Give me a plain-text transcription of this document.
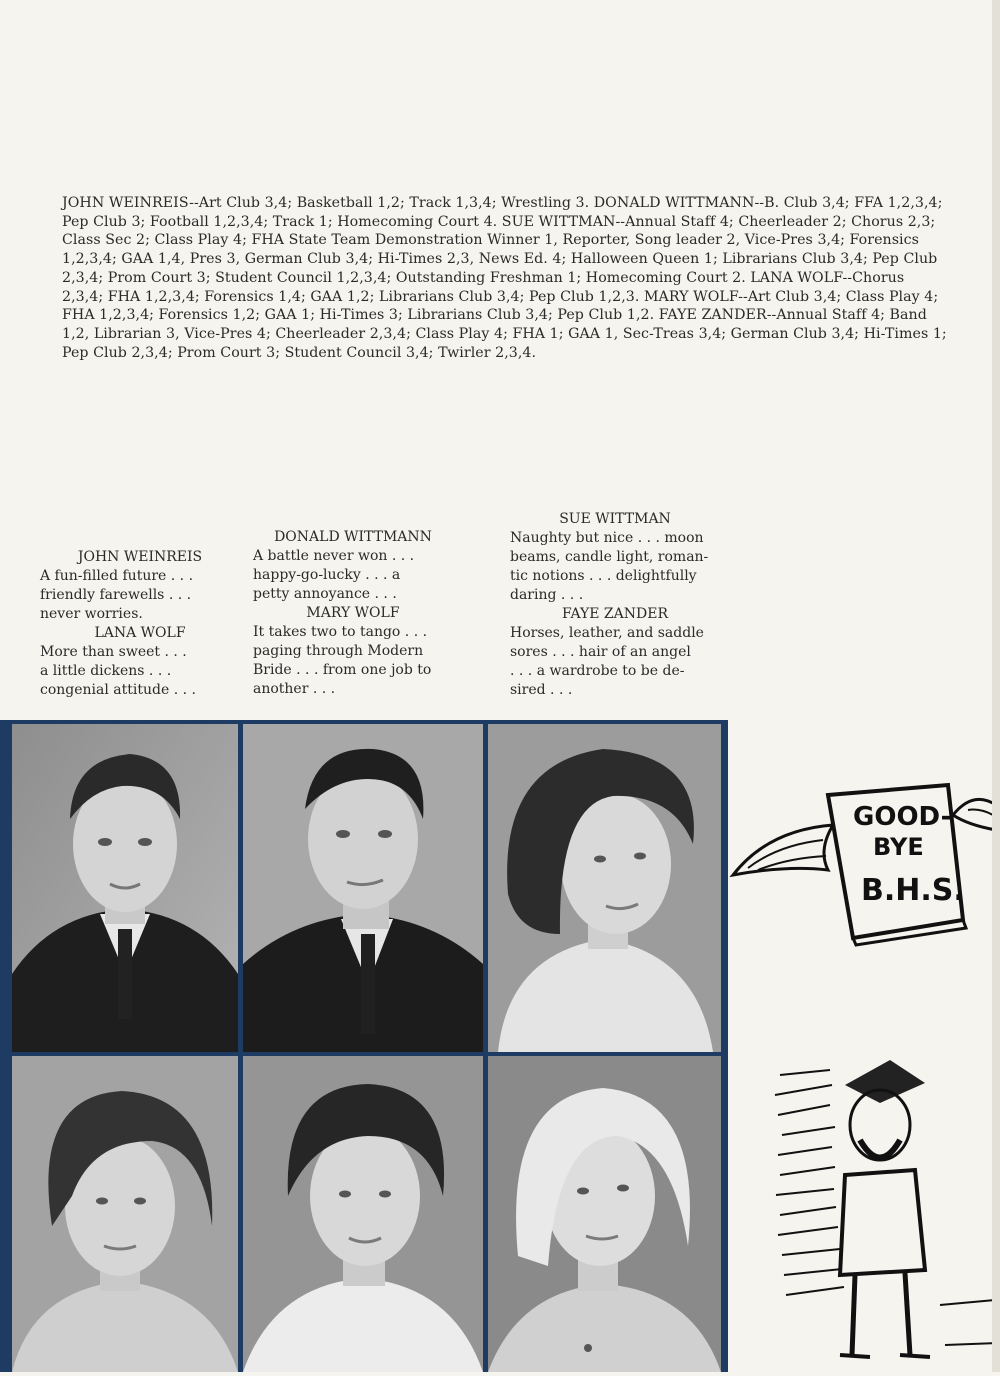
JOHN WEINREIS--Art Club 3,4; Basketball 1,2; Track 1,3,4; Wrestling 3. DONALD WITTMANN--B. Club 3,4; FFA 1,2,3,4; Pep Club 3; Football 1,2,3,4; Track 1; Homecoming Court 4. SUE WITTMAN--Annual Staff 4; Cheerleader 2; Chorus 2,3; Class Sec 2; Class Play 4; FHA State Team Demonstration Winner 1, Reporter, Song leader 2, Vice-Pres 3,4; Forensics 1,2,3,4; GAA 1,4, Pres 3, German Club 3,4; Hi-Times 2,3, News Ed. 4; Halloween Queen 1; Librarians Club 3,4; Pep Club 2,3,4; Prom Court 3; Student Council 1,2,3,4; Outstanding Freshman 1; Homecoming Court 2. LANA WOLF--Chorus 2,3,4; FHA 1,2,3,4; Forensics 1,4; GAA 1,2; Librarians Club 3,4; Pep Club 1,2,3. MARY WOLF--Art Club 3,4; Class Play 4; FHA 1,2,3,4; Forensics 1,2; GAA 1; Hi-Times 3; Librarians Club 3,4; Pep Club 1,2. FAYE ZANDER--Annual Staff 4; Band 1,2, Librarian 3, Vice-Pres 4; Cheerleader 2,3,4; Class Play 4; FHA 1; GAA 1, Sec-Treas 3,4; German Club 3,4; Hi-Times 1; Pep Club 2,3,4; Prom Court 3; Student Council 3,4; Twirler 2,3,4.

JOHN WEINREIS
A fun-filled future . . .
friendly farewells . . .
never worries.
LANA WOLF
More than sweet . . .
a little dickens . . .
congenial attitude . . .
DONALD WITTMANN
A battle never won . . .
happy-go-lucky . . . a
petty annoyance . . .
MARY WOLF
It takes two to tango . . .
paging through Modern
Bride . . . from one job to
another . . .
SUE WITTMAN
Naughty but nice . . . moon
beams, candle light, roman-
tic notions . . . delightfully
daring . . .
FAYE ZANDER
Horses, leather, and saddle
sores . . . hair of an angel
. . . a wardrobe to be de-
sired . . .
GOOD-
BYE
B.H.S.
